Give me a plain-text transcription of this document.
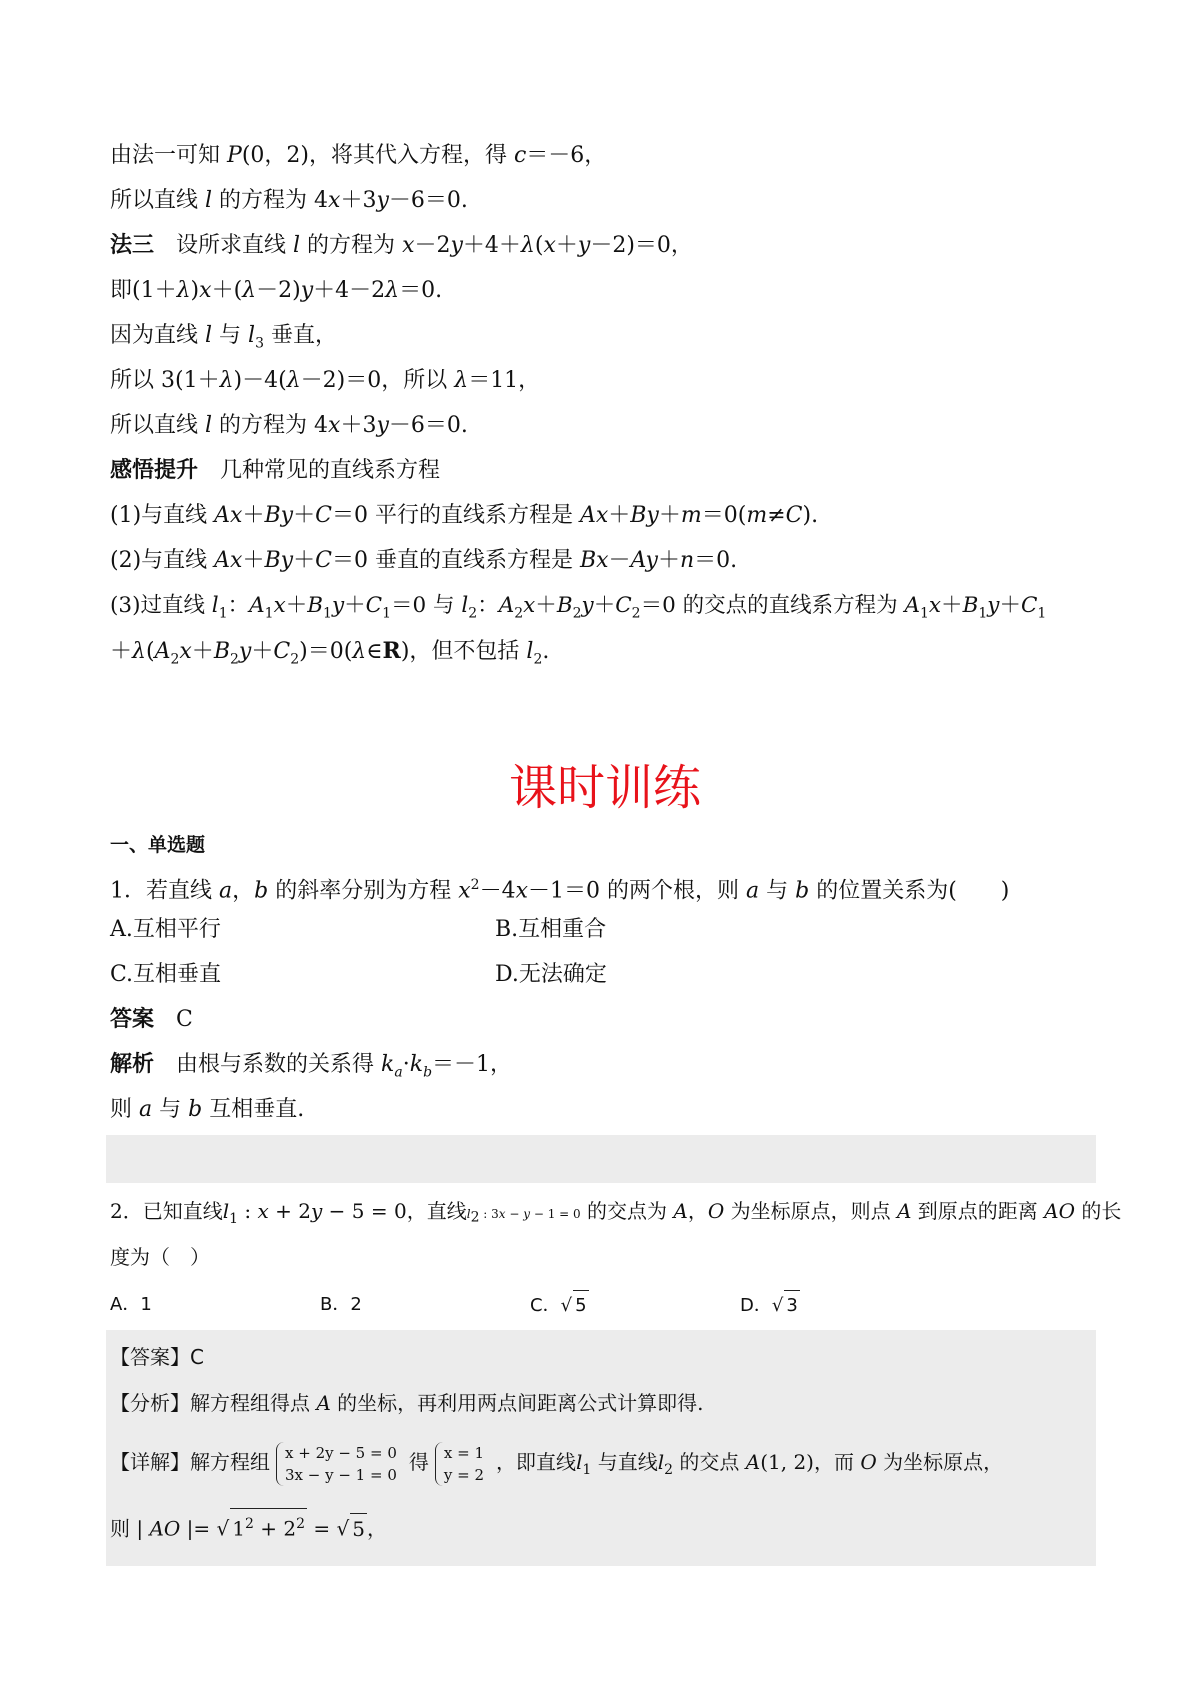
由法一可知 P(0，2)，将其代入方程，得 c＝－6，
所以直线 l 的方程为 4x＋3y－6＝0.
法三　设所求直线 l 的方程为 x－2y＋4＋λ(x＋y－2)＝0，
即(1＋λ)x＋(λ－2)y＋4－2λ＝0.
因为直线 l 与 $l_3$ 垂直，
所以 3(1＋λ)－4(λ－2)＝0，所以 λ＝11，
所以直线 l 的方程为 4x＋3y－6＝0.
感悟提升　 几种常见的直线系方程
(1)与直线 Ax＋By＋C＝0 平行的直线系方程是 Ax＋By＋m＝0(m≠C).
(2)与直线 Ax＋By＋C＝0 垂直的直线系方程是 Bx－Ay＋n＝0.
(3)过直线 $l_1$：$A_1x+B_1y+C_1=0$ 与 $l_2$：$A_2x+B_2y+C_2=0$ 的交点的直线系方程为 $A_1x+B_1y+C_1$
$+\lambda(A_2x+B_2y+C_2)=0(\lambda\in R)$，但不包括 $l_2$.
课时训练
一、单选题
1．若直线 a，b 的斜率分别为方程 $x^2-4x-1=0$ 的两个根，则 a 与 b 的位置关系为(　　)
A.互相平行	B.互相重合
C.互相垂直	D.无法确定
答案　 C
解析　由根与系数的关系得 $k_a\cdot k_b=-1$，
则 a 与 b 互相垂直.
2．已知直线$l_1$ : x + 2y − 5 = 0，直线$l_2$ : 3x − y − 1 = 0 的交点为 A，O 为坐标原点，则点 A 到原点的距离 AO 的长
度为（　）
A．1	B．2	C．√ 5	D．√ 3
【答案】C
【分析】解方程组得点 A 的坐标，再利用两点间距离公式计算即得.
【详解】解方程组 x + 2y − 5 = 0
3x − y − 1 = 0得 x = 1
y = 2，即直线$l_1$ 与直线$l_2$ 的交点 A(1, 2)，而 O 为坐标原点，
则 | AO |= √ $1^2 + 2^2$ = √ 5 ，
